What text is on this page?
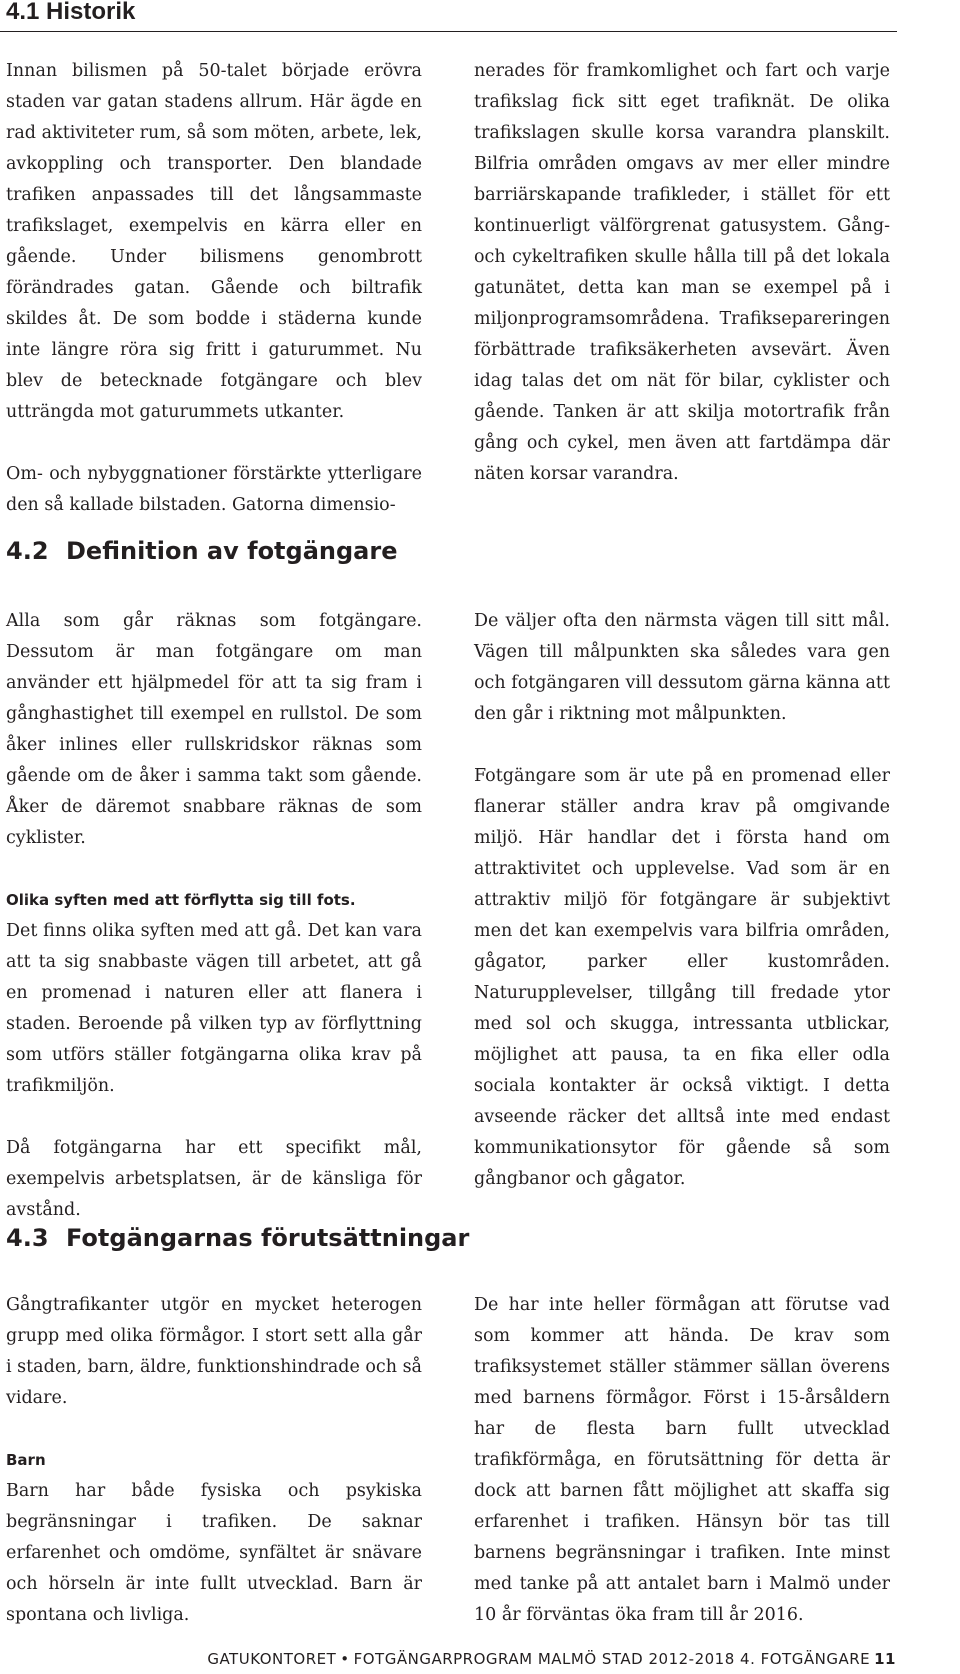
4.1 Historik

Innan bilismen på 50-talet började erövra staden var gatan stadens allrum. Här ägde en rad aktiviteter rum, så som möten, arbete, lek, avkoppling och transporter. Den blandade trafiken anpassades till det långsammaste trafikslaget, exempelvis en kärra eller en gående. Under bilismens genombrott förändrades gatan. Gående och biltrafik skildes åt. De som bodde i städerna kunde inte längre röra sig fritt i gaturummet. Nu blev de betecknade fotgängare och blev utträngda mot gaturummets utkanter.

Om- och nybyggnationer förstärkte ytterligare den så kallade bilstaden. Gatorna dimensio-

nerades för framkomlighet och fart och varje trafikslag fick sitt eget trafiknät. De olika trafikslagen skulle korsa varandra planskilt. Bilfria områden omgavs av mer eller mindre barriärskapande trafikleder, i stället för ett kontinuerligt välförgrenat gatusystem. Gång- och cykeltrafiken skulle hålla till på det lokala gatunätet, detta kan man se exempel på i miljonprogramsområdena. Trafikseparеringen förbättrade trafiksäkerheten avsevärt. Även idag talas det om nät för bilar, cyklister och gående. Tanken är att skilja motortrafik från gång och cykel, men även att fartdämpa där näten korsar varandra.

4.2 Definition av fotgängare

Alla som går räknas som fotgängare. Dessutom är man fotgängare om man använder ett hjälpmedel för att ta sig fram i gånghastighet till exempel en rullstol. De som åker inlines eller rullskridskor räknas som gående om de åker i samma takt som gående. Åker de däremot snabbare räknas de som cyklister.

Olika syften med att förflytta sig till fots.

Det finns olika syften med att gå. Det kan vara att ta sig snabbaste vägen till arbetet, att gå en promenad i naturen eller att flanera i staden. Beroende på vilken typ av förflyttning som utförs ställer fotgängarna olika krav på trafikmiljön.

Då fotgängarna har ett specifikt mål, exempelvis arbetsplatsen, är de känsliga för avstånd.

De väljer ofta den närmsta vägen till sitt mål. Vägen till målpunkten ska således vara gen och fotgängaren vill dessutom gärna känna att den går i riktning mot målpunkten.

Fotgängare som är ute på en promenad eller flanerar ställer andra krav på omgivande miljö. Här handlar det i första hand om attraktivitet och upplevelse. Vad som är en attraktiv miljö för fotgängare är subjektivt men det kan exempelvis vara bilfria områden, gågator, parker eller kustområden. Naturupplevelser, tillgång till fredade ytor med sol och skugga, intressanta utblickar, möjlighet att pausa, ta en fika eller odla sociala kontakter är också viktigt. I detta avseende räcker det alltså inte med endast kommunikationsytor för gående så som gångbanor och gågator.

4.3 Fotgängarnas förutsättningar

Gångtrafikanter utgör en mycket heterogen grupp med olika förmågor. I stort sett alla går i staden, barn, äldre, funktionshindrade och så vidare.

Barn

Barn har både fysiska och psykiska begränsningar i trafiken. De saknar erfarenhet och omdöme, synfältet är snävare och hörseln är inte fullt utvecklad. Barn är spontana och livliga.

De har inte heller förmågan att förutse vad som kommer att hända. De krav som trafiksystemet ställer stämmer sällan överens med barnens förmågor. Först i 15-årsåldern har de flesta barn fullt utvecklad trafikförmåga, en förutsättning för detta är dock att barnen fått möjlighet att skaffa sig erfarenhet i trafiken. Hänsyn bör tas till barnens begränsningar i trafiken. Inte minst med tanke på att antalet barn i Malmö under 10 år förväntas öka fram till år 2016.

GATUKONTORET • FOTGÄNGARPROGRAM MALMÖ STAD 2012-2018 4. FOTGÄNGARE 11
